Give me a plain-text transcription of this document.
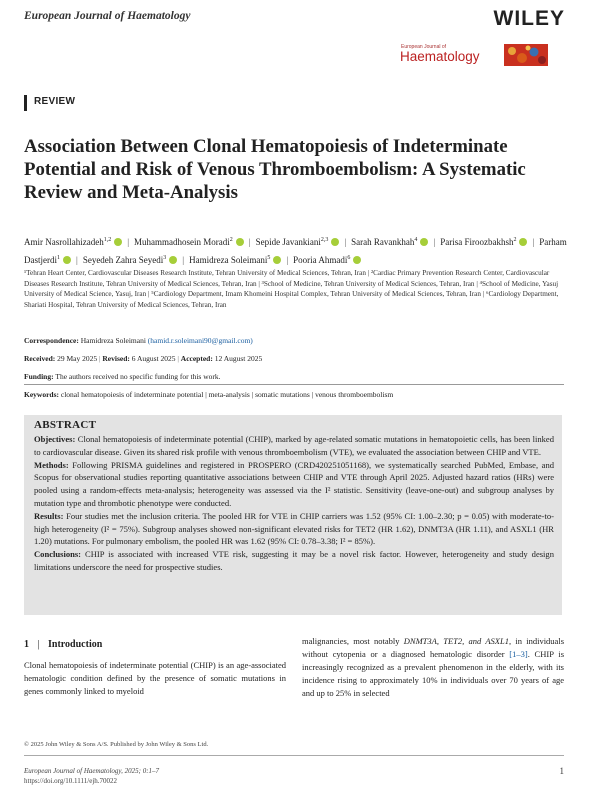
European Journal of Haematology	WILEY
European Journal of
Haematology
REVIEW
Association Between Clonal Hematopoiesis of Indeterminate Potential and Risk of Venous Thromboembolism: A Systematic Review and Meta-Analysis
Amir Nasrollahizadeh$^{1,2}$ | Muhammadhosein Moradi$^2$ | Sepide Javankiani$^{2,3}$ | Sarah Ravankhah$^4$ | Parisa Firoozbakhsh$^2$ | Parham Dastjerdi$^1$ | Seyedeh Zahra Seyedi$^3$ | Hamidreza Soleimani$^5$ | Pooria Ahmadi$^6$
¹Tehran Heart Center, Cardiovascular Diseases Research Institute, Tehran University of Medical Sciences, Tehran, Iran | ²Cardiac Primary Prevention Research Center, Cardiovascular Diseases Research Institute, Tehran University of Medical Sciences, Tehran, Iran | ³School of Medicine, Tehran University of Medical Sciences, Tehran, Iran | ⁴School of Medicine, Yasuj University of Medical Science, Yasuj, Iran | ⁵Cardiology Department, Imam Khomeini Hospital Complex, Tehran University of Medical Sciences, Tehran, Iran | ⁶Cardiology Department, Shariati Hospital, Tehran University of Medical Sciences, Tehran, Iran
Correspondence: Hamidreza Soleimani (hamid.r.soleimani90@gmail.com)
Received: 29 May 2025 | Revised: 6 August 2025 | Accepted: 12 August 2025
Funding: The authors received no specific funding for this work.
Keywords: clonal hematopoiesis of indeterminate potential | meta-analysis | somatic mutations | venous thromboembolism
ABSTRACT

Objectives: Clonal hematopoiesis of indeterminate potential (CHIP), marked by age-related somatic mutations in hematopoietic cells, has been linked to cardiovascular disease. Given its shared risk profile with venous thromboembolism (VTE), we evaluated the association between CHIP and VTE.

Methods: Following PRISMA guidelines and registered in PROSPERO (CRD420251051168), we systematically searched PubMed, Embase, and Scopus for observational studies reporting quantitative associations between CHIP and VTE through April 2025. Adjusted hazard ratios (HRs) were pooled using a random-effects meta-analysis; heterogeneity was assessed via the I² statistic. Sensitivity (leave-one-out) and subgroup analyses by mutation type and thrombotic phenotype were conducted.

Results: Four studies met the inclusion criteria. The pooled HR for VTE in CHIP carriers was 1.52 (95% CI: 1.00–2.30; p = 0.05) with moderate-to-high heterogeneity (I² = 75%). Subgroup analyses showed non-significant elevated risks for TET2 (HR 1.62), DNMT3A (HR 1.11), and ASXL1 (HR 1.20) mutations. For pulmonary embolism, the pooled HR was 1.62 (95% CI: 0.78–3.38; I² = 85%).

Conclusions: CHIP is associated with increased VTE risk, suggesting it may be a novel risk factor. However, heterogeneity and study design limitations underscore the need for prospective studies.

1 | Introduction
Clonal hematopoiesis of indeterminate potential (CHIP) is an age-associated hematologic condition defined by the presence of somatic mutations in genes commonly linked to myeloid
malignancies, most notably DNMT3A, TET2, and ASXL1, in individuals without cytopenia or a diagnosed hematologic disorder [1–3]. CHIP is increasingly recognized as a prevalent phenomenon in the elderly, with its incidence rising to approximately 10% in individuals over 70 years of age and up to 25% in selected
© 2025 John Wiley & Sons A/S. Published by John Wiley & Sons Ltd.
European Journal of Haematology, 2025; 0:1–7
https://doi.org/10.1111/ejh.70022
1
